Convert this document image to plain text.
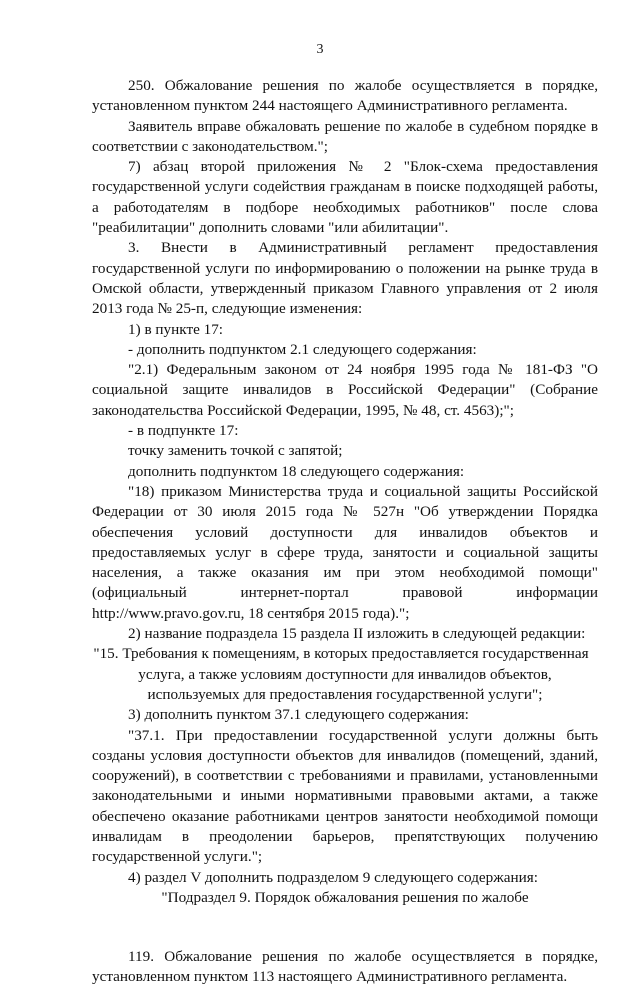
3

250. Обжалование решения по жалобе осуществляется в порядке, установленном пунктом 244 настоящего Административного регламента.

Заявитель вправе обжаловать решение по жалобе в судебном порядке в соответствии с законодательством.";

7) абзац второй приложения № 2 "Блок-схема предоставления государственной услуги содействия гражданам в поиске подходящей работы, а работодателям в подборе необходимых работников" после слова "реабилитации" дополнить словами "или абилитации".

3. Внести в Административный регламент предоставления государственной услуги по информированию о положении на рынке труда в Омской области, утвержденный приказом Главного управления от 2 июля 2013 года № 25-п, следующие изменения:

1) в пункте 17:

- дополнить подпунктом 2.1 следующего содержания:

"2.1) Федеральным законом от 24 ноября 1995 года № 181-ФЗ "О социальной защите инвалидов в Российской Федерации" (Собрание законодательства Российской Федерации, 1995, № 48, ст. 4563);";

- в подпункте 17:

точку заменить точкой с запятой;

дополнить подпунктом 18 следующего содержания:

"18) приказом Министерства труда и социальной защиты Российской Федерации от 30 июля 2015 года № 527н "Об утверждении Порядка обеспечения условий доступности для инвалидов объектов и предоставляемых услуг в сфере труда, занятости и социальной защиты населения, а также оказания им при этом необходимой помощи" (официальный интернет-портал правовой информации http://www.pravo.gov.ru, 18 сентября 2015 года).";

2) название подраздела 15 раздела II изложить в следующей редакции:

"15. Требования к помещениям, в которых предоставляется государственная

услуга, а также условиям доступности для инвалидов объектов,

используемых для предоставления государственной услуги";

3) дополнить пунктом 37.1 следующего содержания:

"37.1. При предоставлении государственной услуги должны быть созданы условия доступности объектов для инвалидов (помещений, зданий, сооружений), в соответствии с требованиями и правилами, установленными законодательными и иными нормативными правовыми актами, а также обеспечено оказание работниками центров занятости необходимой помощи инвалидам в преодолении барьеров, препятствующих получению государственной услуги.";

4) раздел V дополнить подразделом 9 следующего содержания:

"Подраздел 9. Порядок обжалования решения по жалобе

119. Обжалование решения по жалобе осуществляется в порядке, установленном пунктом 113 настоящего Административного регламента.
